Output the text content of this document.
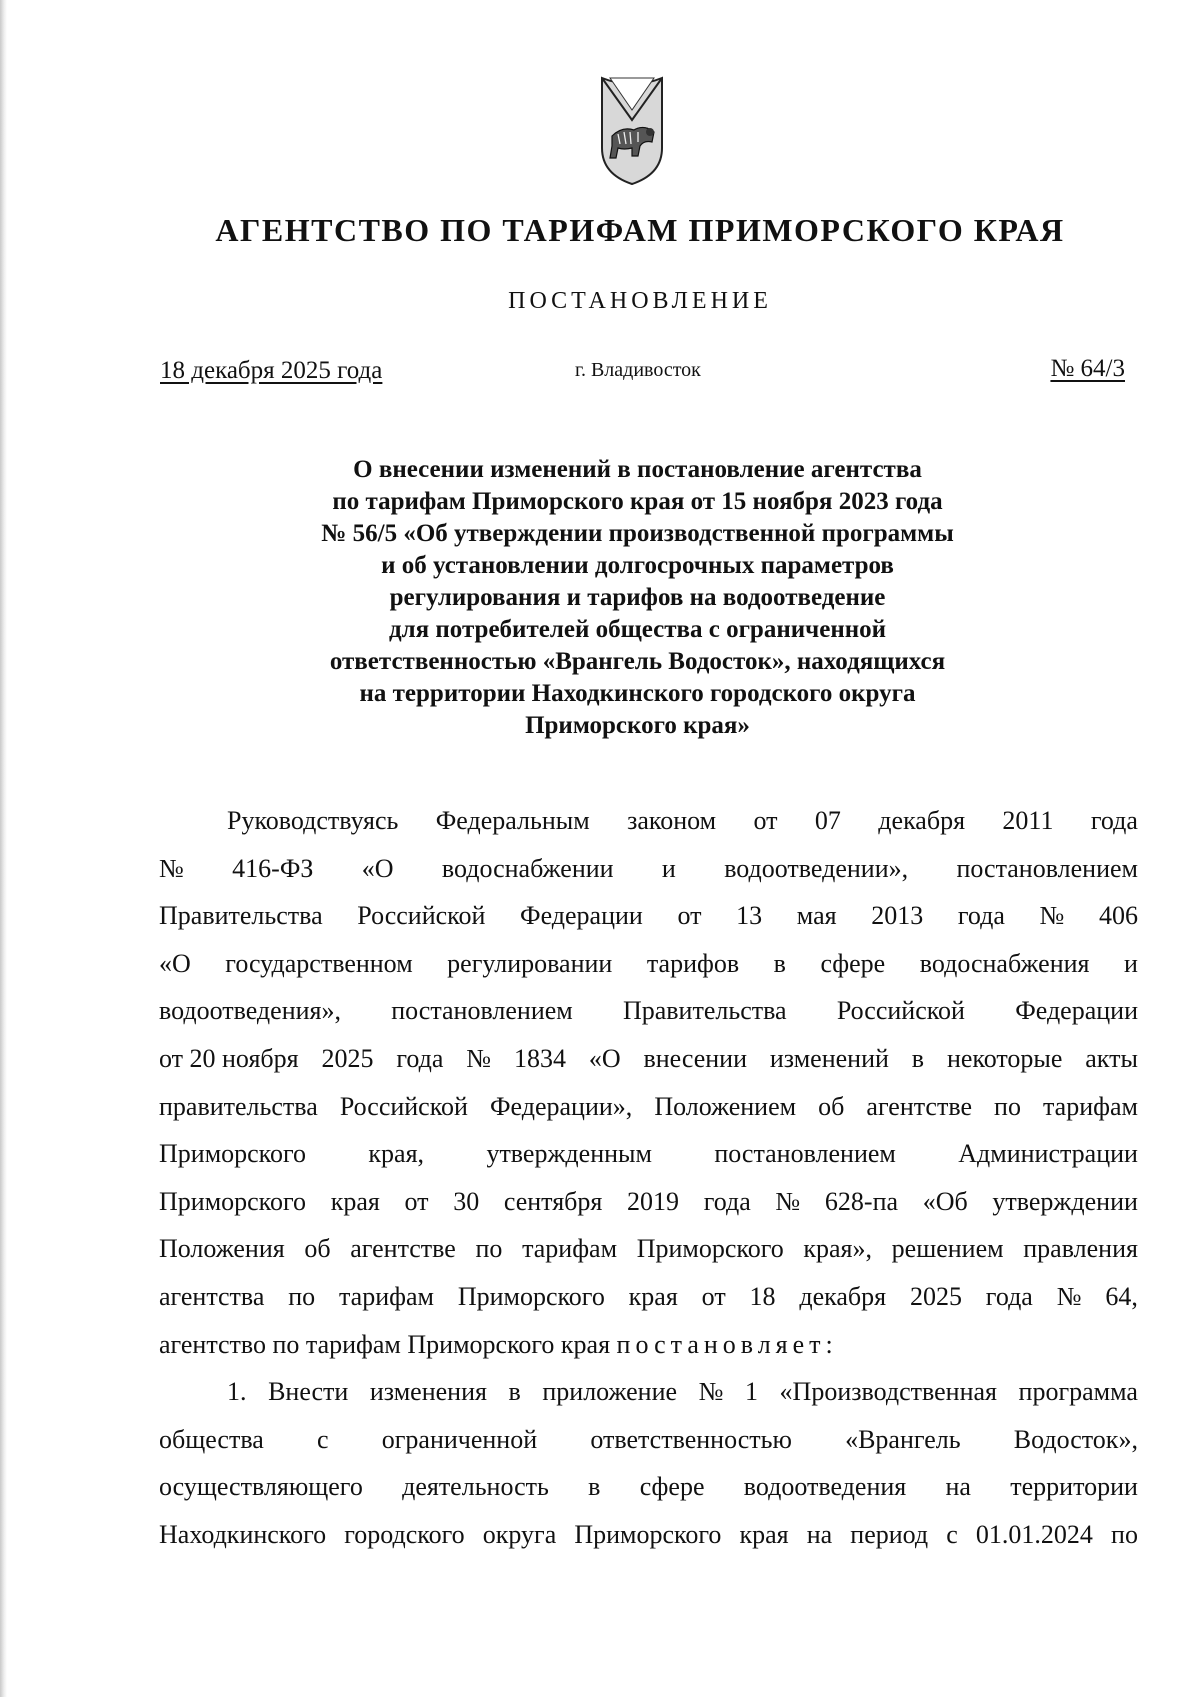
АГЕНТСТВО ПО ТАРИФАМ ПРИМОРСКОГО КРАЯ
ПОСТАНОВЛЕНИЕ
18 декабря 2025 года	г. Владивосток	№ 64/3
О внесении изменений в постановление агентства
по тарифам Приморского края от 15 ноября 2023 года
№ 56/5 «Об утверждении производственной программы
и об установлении долгосрочных параметров
регулирования и тарифов на водоотведение
для потребителей общества с ограниченной
ответственностью «Врангель Водосток», находящихся
на территории Находкинского городского округа
Приморского края»
Руководствуясь Федеральным законом от 07 декабря 2011 года
№ 416-ФЗ «О водоснабжении и водоотведении», постановлением
Правительства Российской Федерации от 13 мая 2013 года № 406
«О государственном регулировании тарифов в сфере водоснабжения и
водоотведения», постановлением Правительства Российской Федерации
от 20 ноября 2025 года № 1834 «О внесении изменений в некоторые акты
правительства Российской Федерации», Положением об агентстве по тарифам
Приморского края, утвержденным постановлением Администрации
Приморского края от 30 сентября 2019 года № 628-па «Об утверждении
Положения об агентстве по тарифам Приморского края», решением правления
агентства по тарифам Приморского края от 18 декабря 2025 года № 64,
агентство по тарифам Приморского края постановляет:
1. Внести изменения в приложение № 1 «Производственная программа
общества с ограниченной ответственностью «Врангель Водосток»,
осуществляющего деятельность в сфере водоотведения на территории
Находкинского городского округа Приморского края на период с 01.01.2024 по
